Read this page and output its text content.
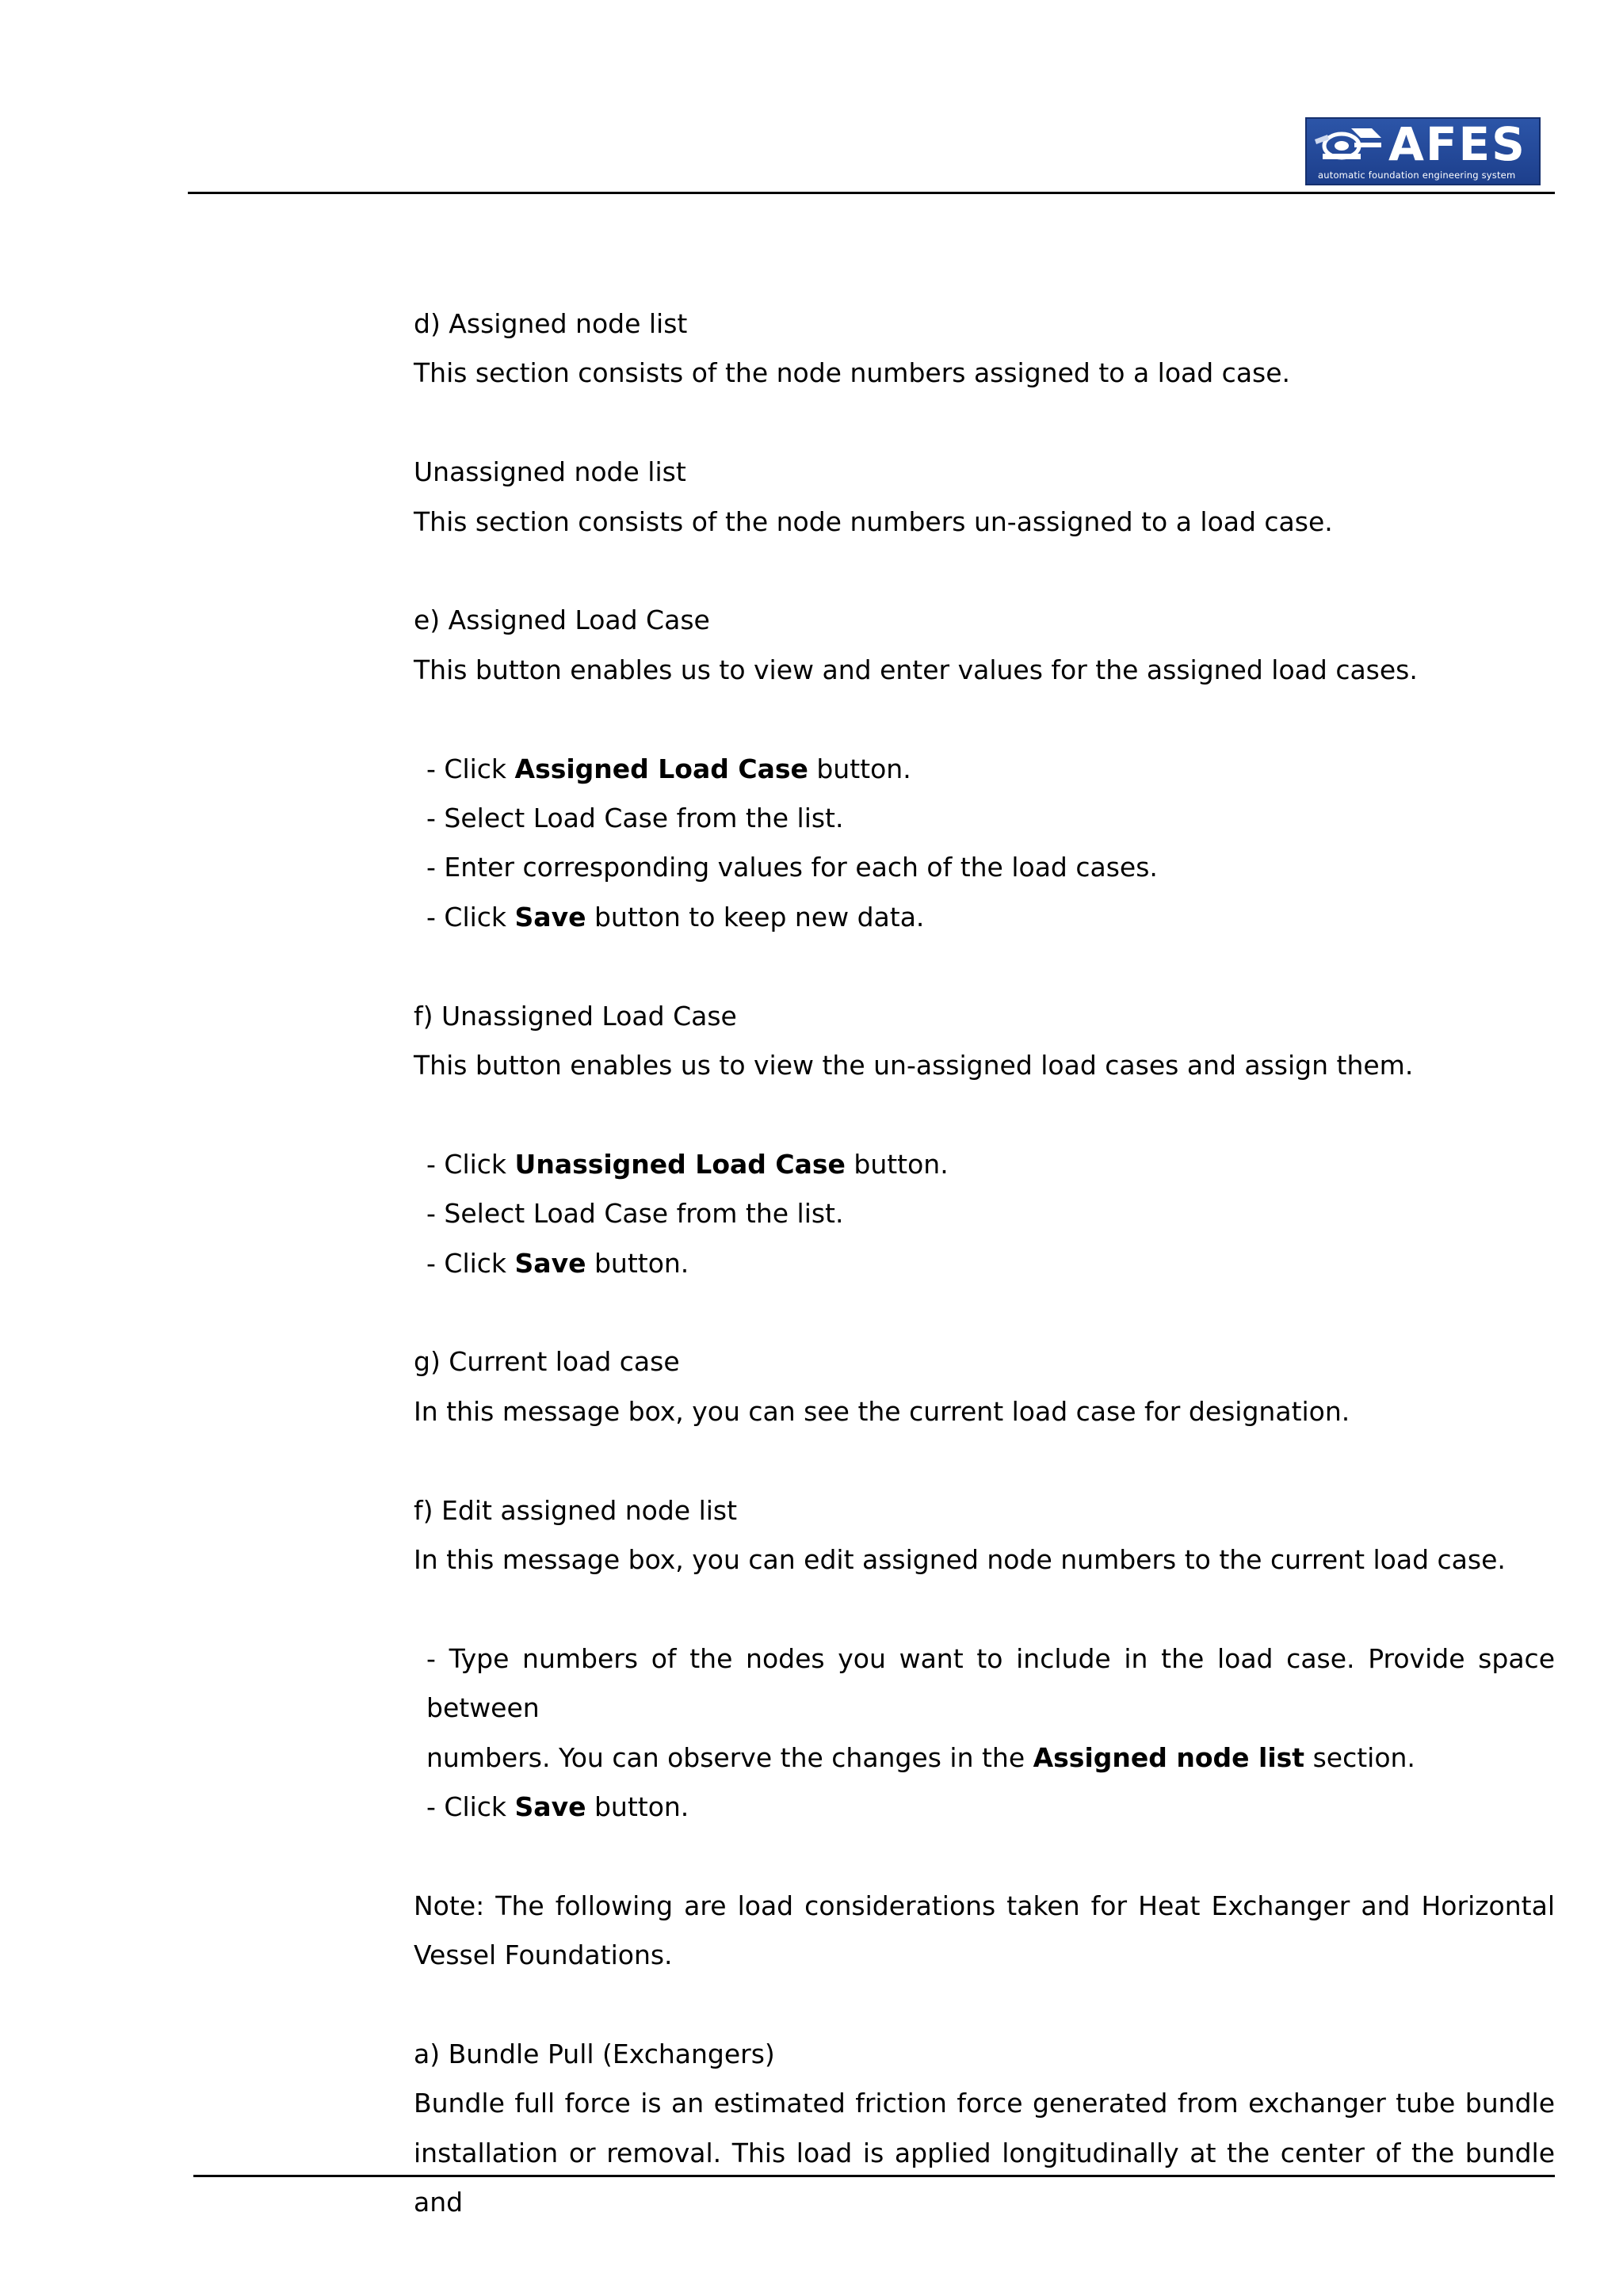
AFES
automatic foundation engineering system

d) Assigned node list

This section consists of the node numbers assigned to a load case.

Unassigned node list

This section consists of the node numbers un-assigned to a load case.

e) Assigned Load Case

This button enables us to view and enter values for the assigned load cases.

- Click Assigned Load Case button.

- Select Load Case from the list.

- Enter corresponding values for each of the load cases.

- Click Save button to keep new data.

f) Unassigned Load Case

This button enables us to view the un-assigned load cases and assign them.

- Click Unassigned Load Case button.

- Select Load Case from the list.

- Click Save button.

g) Current load case

In this message box, you can see the current load case for designation.

f) Edit assigned node list

In this message box, you can edit assigned node numbers to the current load case.

- Type numbers of the nodes you want to include in the load case. Provide space between

numbers. You can observe the changes in the Assigned node list section.

- Click Save button.

Note: The following are load considerations taken for Heat Exchanger and Horizontal Vessel Foundations.

a) Bundle Pull (Exchangers)

Bundle full force is an estimated friction force generated from exchanger tube bundle installation or removal. This load is applied longitudinally at the center of the bundle and
